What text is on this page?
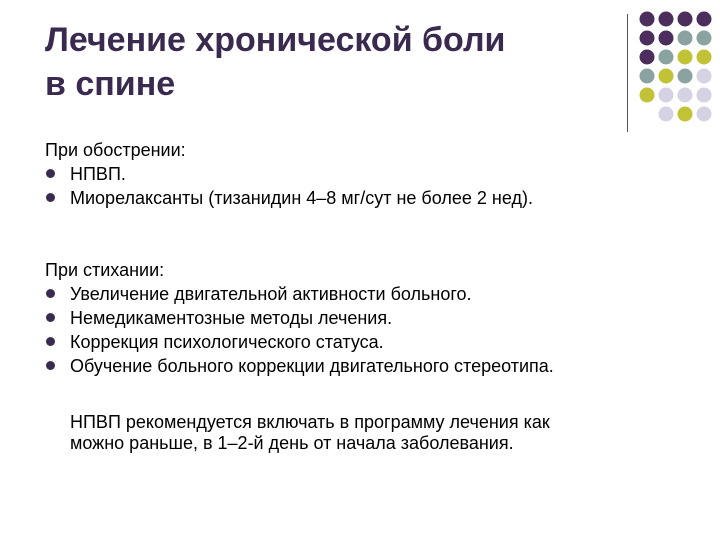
Лечение хронической боли
в спине
При обострении:
НПВП.
Миорелаксанты (тизанидин 4–8 мг/сут не более 2 нед).
При стихании:
Увеличение двигательной активности больного.
Немедикаментозные методы лечения.
Коррекция психологического статуса.
Обучение больного коррекции двигательного стереотипа.
НПВП рекомендуется включать в программу лечения как
можно раньше, в 1–2-й день от начала заболевания.
